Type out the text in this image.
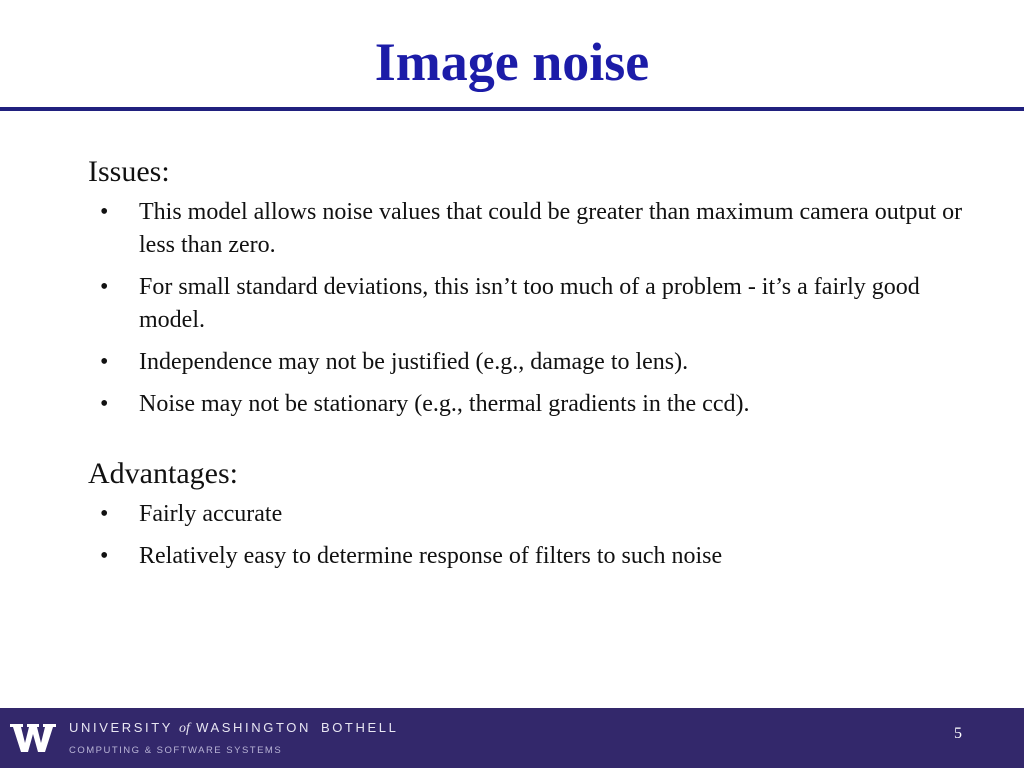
Image noise

Issues:

• This model allows noise values that could be greater than maximum camera output or less than zero.
• For small standard deviations, this isn’t too much of a problem - it’s a fairly good model.
• Independence may not be justified (e.g., damage to lens).
• Noise may not be stationary (e.g., thermal gradients in the ccd).

Advantages:

• Fairly accurate
• Relatively easy to determine response of filters to such noise
UNIVERSITY of WASHINGTON BOTHELL
COMPUTING & SOFTWARE SYSTEMS
5
